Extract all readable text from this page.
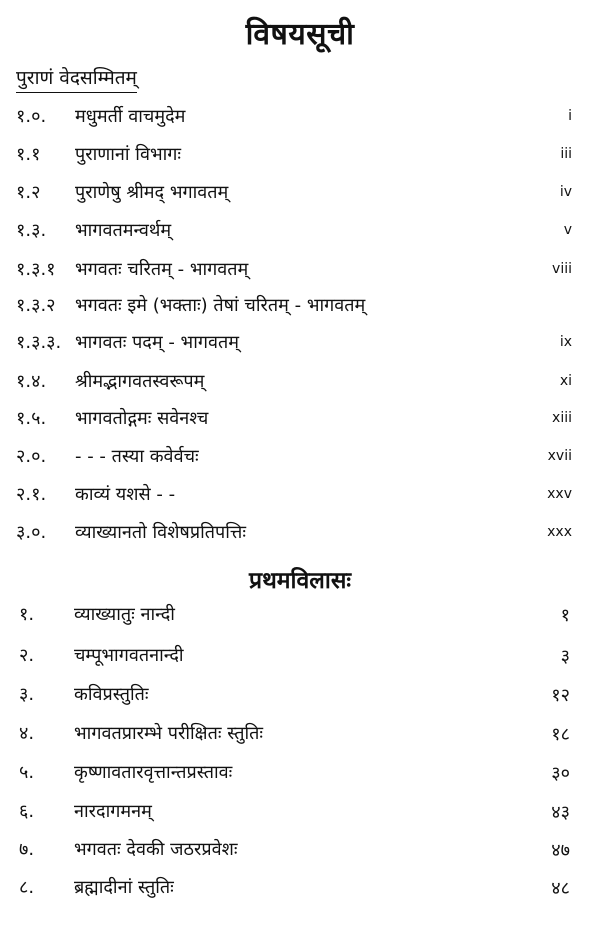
विषयसूची
पुराणं वेदसम्मितम्
१.०. मधुमर्ती वाचमुदेम	i
१.१ पुराणानां विभागः	iii
१.२ पुराणेषु श्रीमद् भगावतम्	iv
१.३. भागवतमन्वर्थम्	v
१.३.१ भगवतः चरितम् - भागवतम्	viii
१.३.२ भगवतः इमे (भक्ताः) तेषां चरितम् - भागवतम्
१.३.३. भागवतः पदम् - भागवतम्	ix
१.४. श्रीमद्भागवतस्वरूपम्	xi
१.५. भागवतोद्गमः सवेनश्च	xiii
२.०. - - - तस्या कवेर्वचः	xvii
२.१. काव्यं यशसे - -	xxv
३.०. व्याख्यानतो विशेषप्रतिपत्तिः	xxx
प्रथमविलासः
१. व्याख्यातुः नान्दी	१
२. चम्पूभागवतनान्दी	३
३. कविप्रस्तुतिः	१२
४. भागवतप्रारम्भे परीक्षितः स्तुतिः	१८
५. कृष्णावतारवृत्तान्तप्रस्तावः	३०
६. नारदागमनम्	४३
७. भगवतः देवकी जठरप्रवेशः	४७
८. ब्रह्मादीनां स्तुतिः	४८
